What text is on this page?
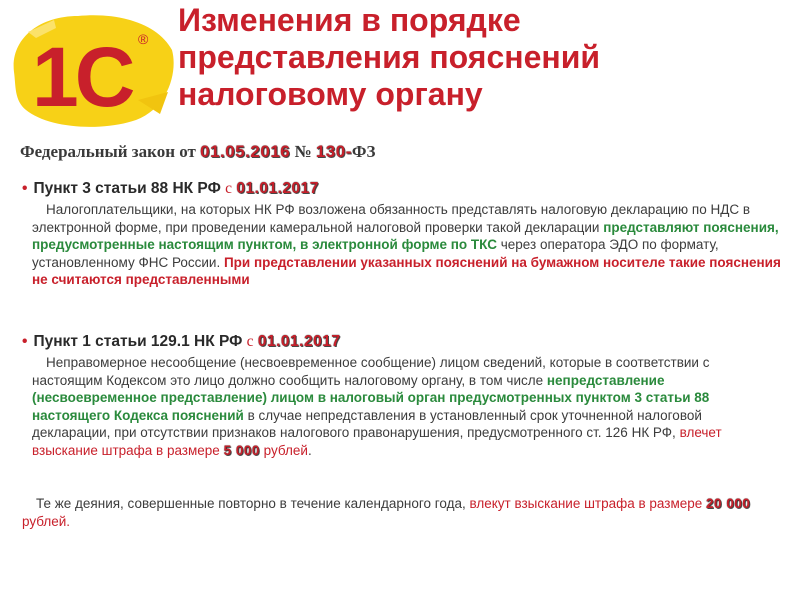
1С ®
Изменения в порядке
представления пояснений
налоговому органу

Федеральный закон от 01.05.2016 № 130-ФЗ

• Пункт 3 статьи 88 НК РФ с 01.01.2017

Налогоплательщики, на которых НК РФ возложена обязанность представлять налоговую декларацию по НДС в электронной форме, при проведении камеральной налоговой проверки такой декларации представляют пояснения, предусмотренные настоящим пунктом, в электронной форме по ТКС через оператора ЭДО по формату, установленному ФНС России. При представлении указанных пояснений на бумажном носителе такие пояснения не считаются представленными

• Пункт 1 статьи 129.1 НК РФ с 01.01.2017

Неправомерное несообщение (несвоевременное сообщение) лицом сведений, которые в соответствии с настоящим Кодексом это лицо должно сообщить налоговому органу, в том числе непредставление (несвоевременное представление) лицом в налоговый орган предусмотренных пунктом 3 статьи 88 настоящего Кодекса пояснений в случае непредставления в установленный срок уточненной налоговой декларации, при отсутствии признаков налогового правонарушения, предусмотренного ст. 126 НК РФ, влечет взыскание штрафа в размере 5 000 рублей.

Те же деяния, совершенные повторно в течение календарного года, влекут взыскание штрафа в размере 20 000 рублей.
